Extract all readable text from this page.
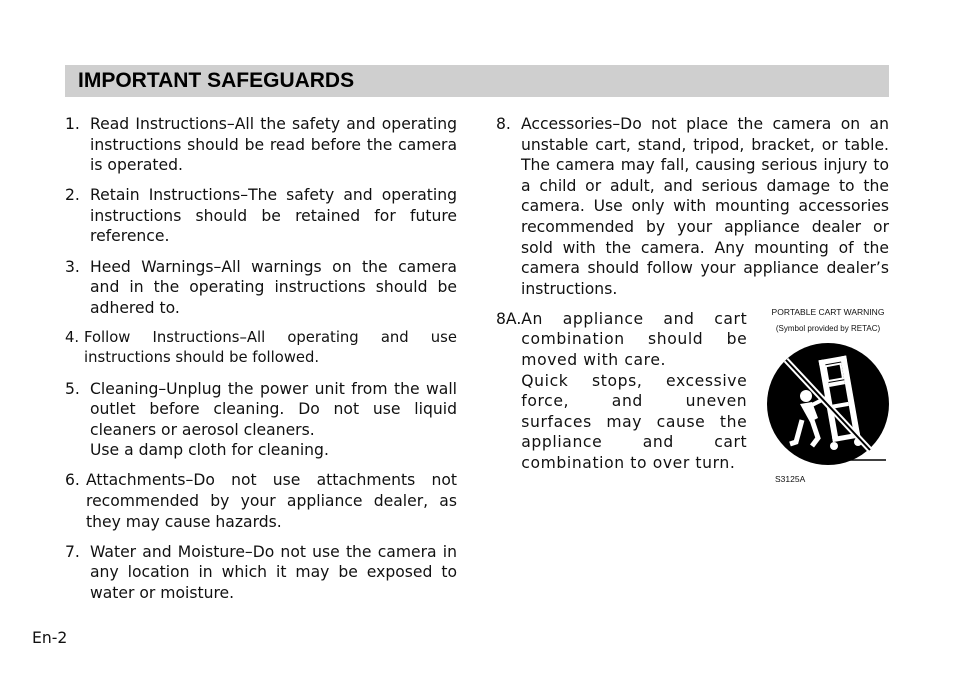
IMPORTANT SAFEGUARDS
1. Read Instructions–All the safety and operating instructions should be read before the camera is operated.
2. Retain Instructions–The safety and operating instructions should be retained for future reference.
3. Heed Warnings–All warnings on the camera and in the operating instructions should be adhered to.
4. Follow Instructions–All operating and use instructions should be followed.
5. Cleaning–Unplug the power unit from the wall outlet before cleaning. Do not use liquid cleaners or aerosol cleaners.
Use a damp cloth for cleaning.
6. Attachments–Do not use attachments not recommended by your appliance dealer, as they may cause hazards.
7. Water and Moisture–Do not use the camera in any location in which it may be exposed to water or moisture.
8. Accessories–Do not place the camera on an unstable cart, stand, tripod, bracket, or table. The camera may fall, causing serious injury to a child or adult, and serious damage to the camera. Use only with mounting accessories recommended by your appliance dealer or sold with the camera. Any mounting of the camera should follow your appliance dealer’s instructions.
8A. An appliance and cart combination should be moved with care.
Quick stops, excessive force, and uneven surfaces may cause the appliance and cart combination to over turn.
PORTABLE CART WARNING
(Symbol provided by RETAC)
S3125A
En-2
